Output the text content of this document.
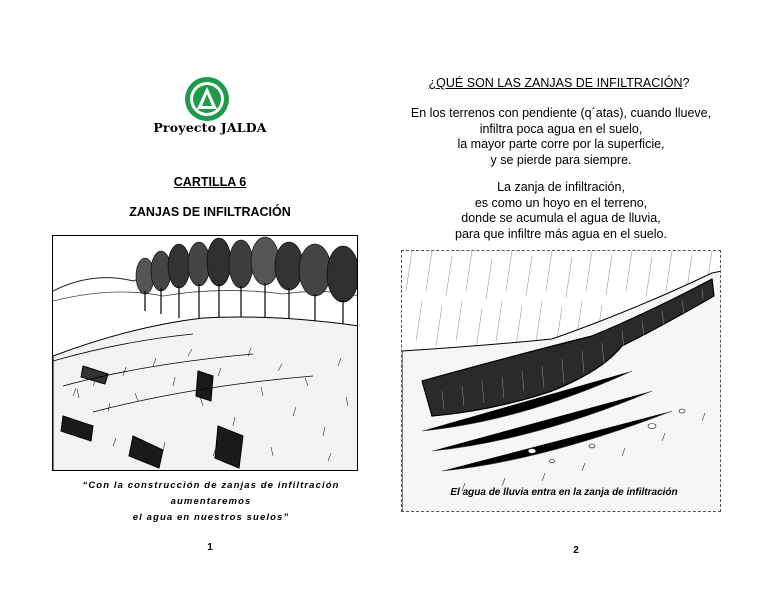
Proyecto JALDA
CARTILLA 6
ZANJAS DE INFILTRACIÓN
“Con la construcción de zanjas de infiltración aumentaremos
el agua en nuestros suelos”
1
¿QUÉ SON LAS ZANJAS DE INFILTRACIÓN?
En los terrenos con pendiente (q´atas), cuando llueve,
infiltra poca agua en el suelo,
la mayor parte corre por la superficie,
y se pierde para siempre.
La zanja de infiltración,
es como un hoyo en el terreno,
donde se acumula el agua de lluvia,
para que infiltre más agua en el suelo.
El agua de lluvia entra en la zanja de infiltración
2
